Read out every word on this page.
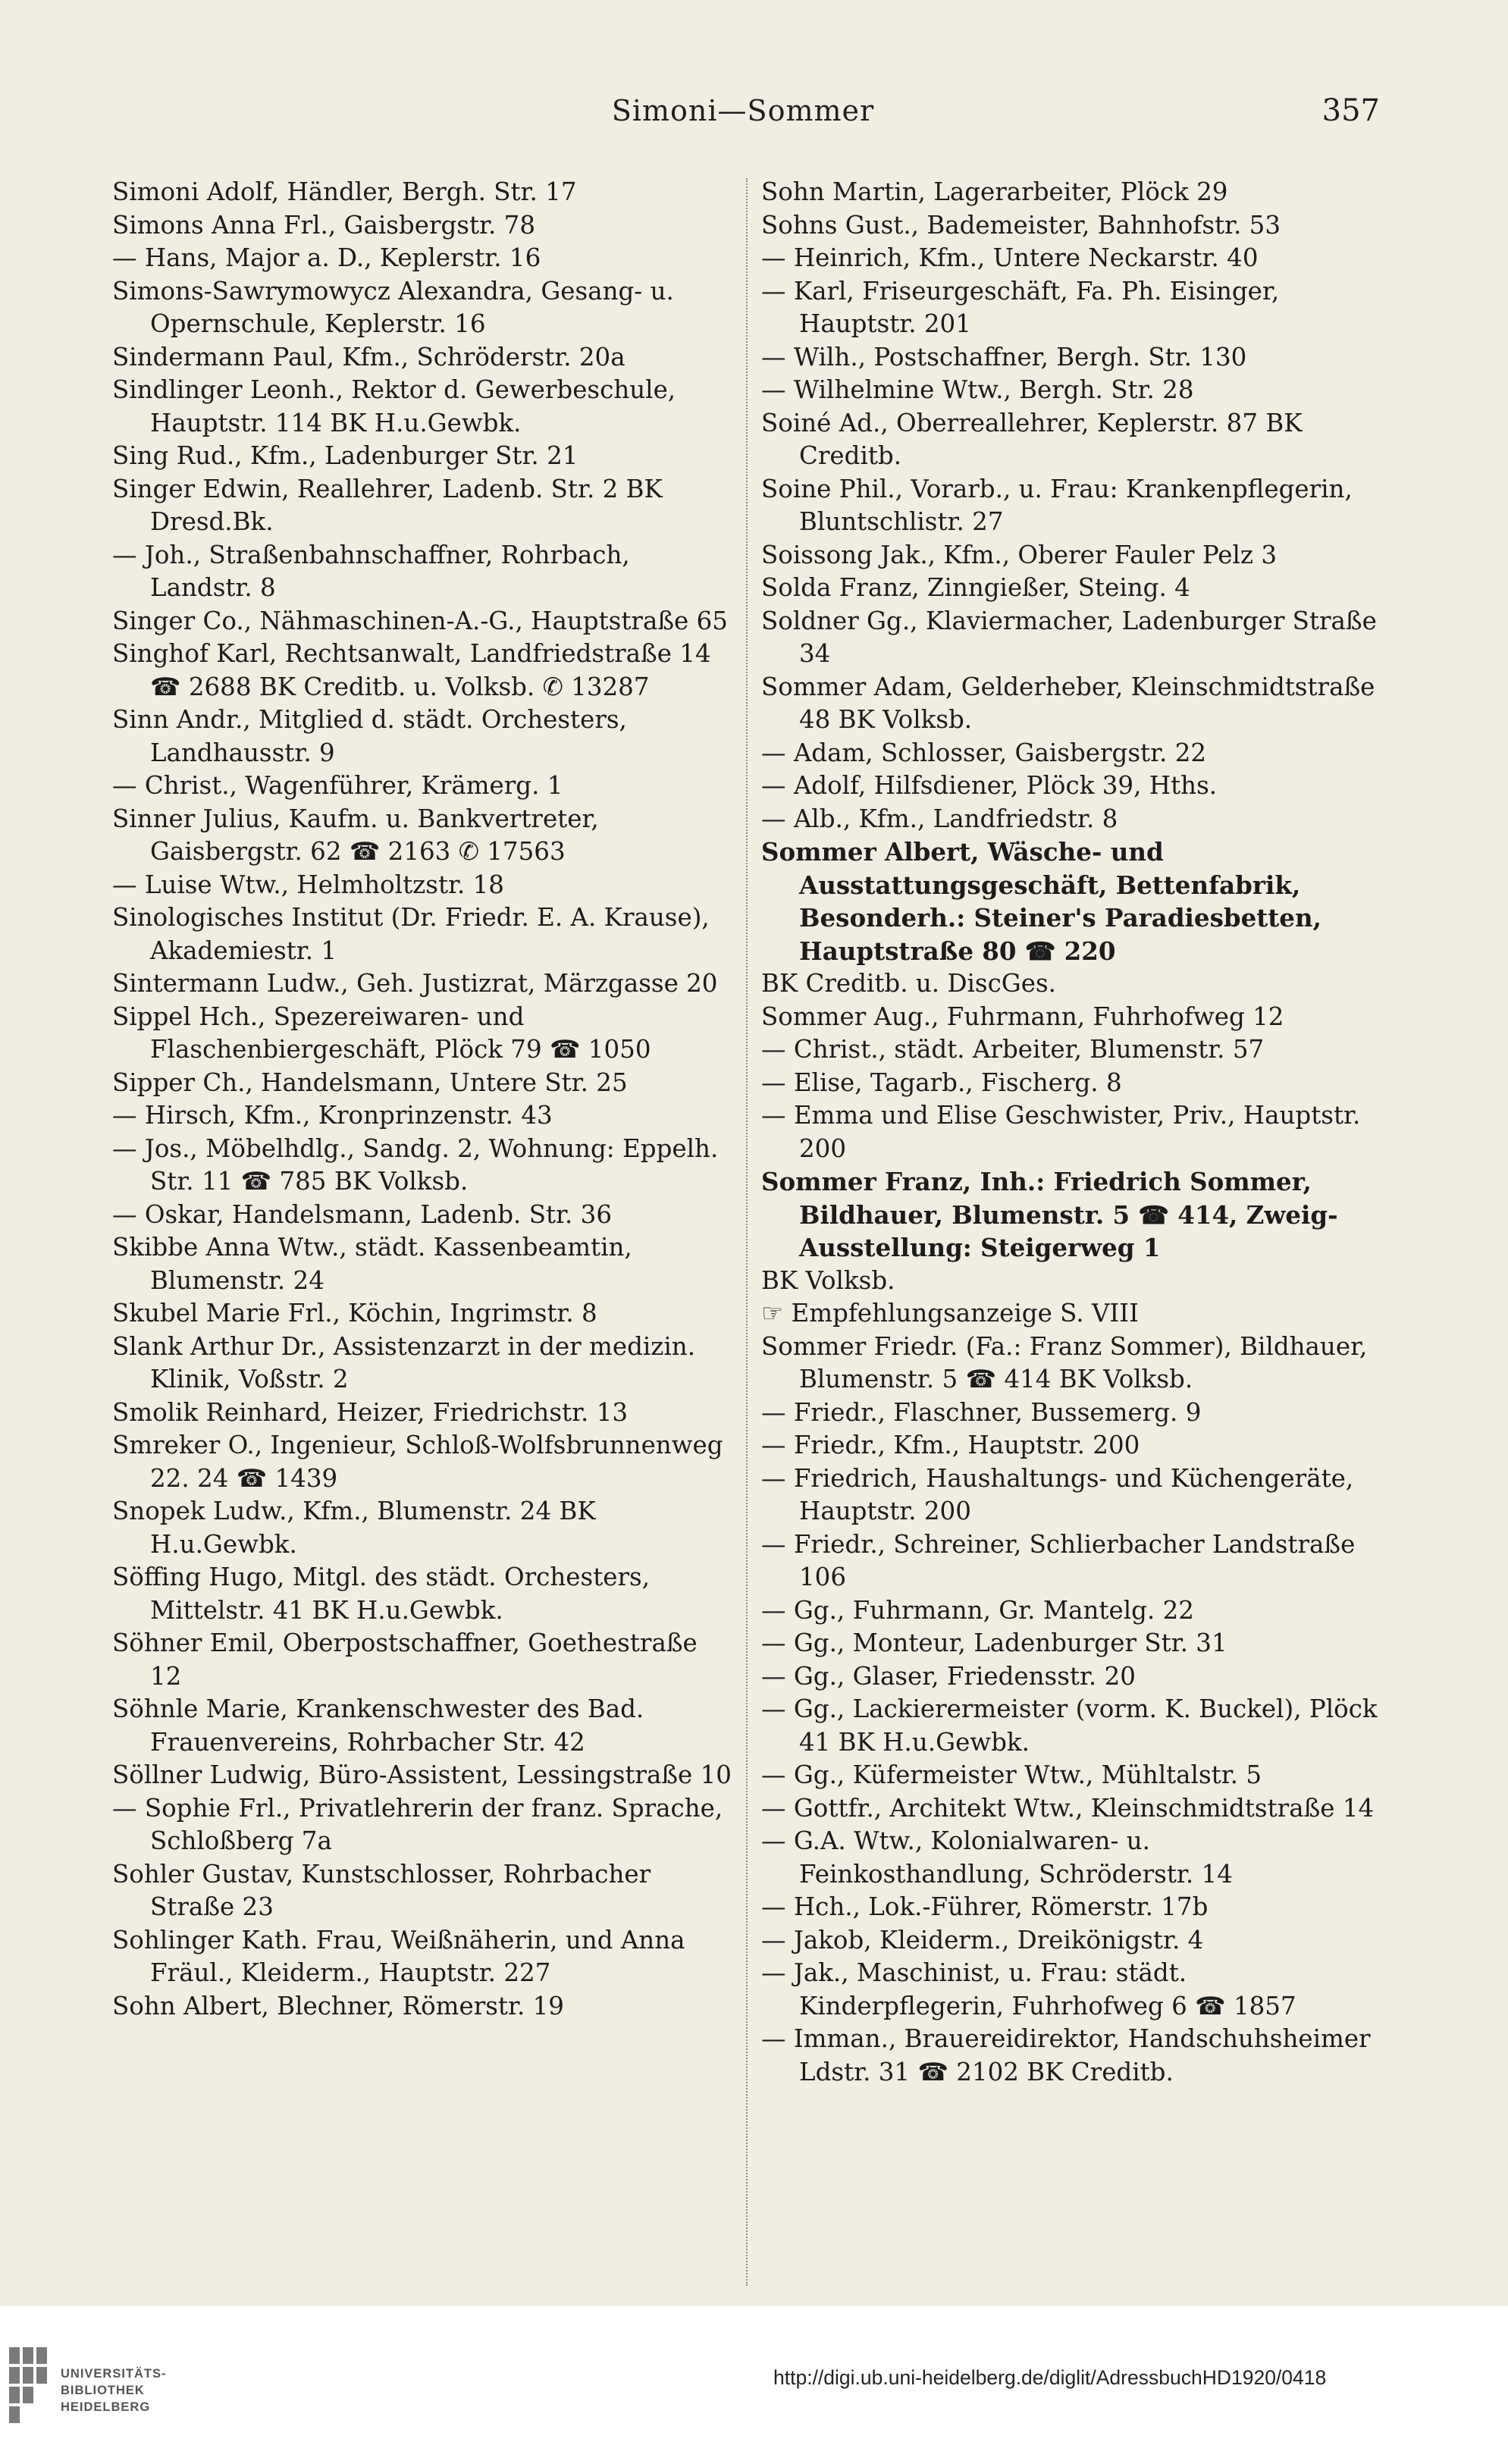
Simoni—Sommer	357
Simoni Adolf, Händler, Bergh. Str. 17
Simons Anna Frl., Gaisbergstr. 78
— Hans, Major a. D., Keplerstr. 16
Simons-Sawrymowycz Alexandra, Gesang- u. Opernschule, Keplerstr. 16
Sindermann Paul, Kfm., Schröderstr. 20a
Sindlinger Leonh., Rektor d. Gewerbeschule, Hauptstr. 114 BK H.u.Gewbk.
Sing Rud., Kfm., Ladenburger Str. 21
Singer Edwin, Reallehrer, Ladenb. Str. 2 BK Dresd.Bk.
— Joh., Straßenbahnschaffner, Rohrbach, Landstr. 8
Singer Co., Nähmaschinen-A.-G., Hauptstraße 65
Singhof Karl, Rechtsanwalt, Landfriedstraße 14 ☎ 2688 BK Creditb. u. Volksb. ✆ 13287
Sinn Andr., Mitglied d. städt. Orchesters, Landhausstr. 9
— Christ., Wagenführer, Krämerg. 1
Sinner Julius, Kaufm. u. Bankvertreter, Gaisbergstr. 62 ☎ 2163 ✆ 17563
— Luise Wtw., Helmholtzstr. 18
Sinologisches Institut (Dr. Friedr. E. A. Krause), Akademiestr. 1
Sintermann Ludw., Geh. Justizrat, Märzgasse 20
Sippel Hch., Spezereiwaren- und Flaschenbiergeschäft, Plöck 79 ☎ 1050
Sipper Ch., Handelsmann, Untere Str. 25
— Hirsch, Kfm., Kronprinzenstr. 43
— Jos., Möbelhdlg., Sandg. 2, Wohnung: Eppelh. Str. 11 ☎ 785 BK Volksb.
— Oskar, Handelsmann, Ladenb. Str. 36
Skibbe Anna Wtw., städt. Kassenbeamtin, Blumenstr. 24
Skubel Marie Frl., Köchin, Ingrimstr. 8
Slank Arthur Dr., Assistenzarzt in der medizin. Klinik, Voßstr. 2
Smolik Reinhard, Heizer, Friedrichstr. 13
Smreker O., Ingenieur, Schloß-Wolfsbrunnenweg 22. 24 ☎ 1439
Snopek Ludw., Kfm., Blumenstr. 24 BK H.u.Gewbk.
Söffing Hugo, Mitgl. des städt. Orchesters, Mittelstr. 41 BK H.u.Gewbk.
Söhner Emil, Oberpostschaffner, Goethestraße 12
Söhnle Marie, Krankenschwester des Bad. Frauenvereins, Rohrbacher Str. 42
Söllner Ludwig, Büro-Assistent, Lessingstraße 10
— Sophie Frl., Privatlehrerin der franz. Sprache, Schloßberg 7a
Sohler Gustav, Kunstschlosser, Rohrbacher Straße 23
Sohlinger Kath. Frau, Weißnäherin, und Anna Fräul., Kleiderm., Hauptstr. 227
Sohn Albert, Blechner, Römerstr. 19
Sohn Martin, Lagerarbeiter, Plöck 29
Sohns Gust., Bademeister, Bahnhofstr. 53
— Heinrich, Kfm., Untere Neckarstr. 40
— Karl, Friseurgeschäft, Fa. Ph. Eisinger, Hauptstr. 201
— Wilh., Postschaffner, Bergh. Str. 130
— Wilhelmine Wtw., Bergh. Str. 28
Soiné Ad., Oberreallehrer, Keplerstr. 87 BK Creditb.
Soine Phil., Vorarb., u. Frau: Krankenpflegerin, Bluntschlistr. 27
Soissong Jak., Kfm., Oberer Fauler Pelz 3
Solda Franz, Zinngießer, Steing. 4
Soldner Gg., Klaviermacher, Ladenburger Straße 34
Sommer Adam, Gelderheber, Kleinschmidtstraße 48 BK Volksb.
— Adam, Schlosser, Gaisbergstr. 22
— Adolf, Hilfsdiener, Plöck 39, Hths.
— Alb., Kfm., Landfriedstr. 8
Sommer Albert, Wäsche- und Ausstattungsgeschäft, Bettenfabrik, Besonderh.: Steiner's Paradiesbetten, Hauptstraße 80 ☎ 220
BK Creditb. u. DiscGes.
Sommer Aug., Fuhrmann, Fuhrhofweg 12
— Christ., städt. Arbeiter, Blumenstr. 57
— Elise, Tagarb., Fischerg. 8
— Emma und Elise Geschwister, Priv., Hauptstr. 200
Sommer Franz, Inh.: Friedrich Sommer, Bildhauer, Blumenstr. 5 ☎ 414, Zweig-Ausstellung: Steigerweg 1
BK Volksb.
☞ Empfehlungsanzeige S. VIII
Sommer Friedr. (Fa.: Franz Sommer), Bildhauer, Blumenstr. 5 ☎ 414 BK Volksb.
— Friedr., Flaschner, Bussemerg. 9
— Friedr., Kfm., Hauptstr. 200
— Friedrich, Haushaltungs- und Küchengeräte, Hauptstr. 200
— Friedr., Schreiner, Schlierbacher Landstraße 106
— Gg., Fuhrmann, Gr. Mantelg. 22
— Gg., Monteur, Ladenburger Str. 31
— Gg., Glaser, Friedensstr. 20
— Gg., Lackierermeister (vorm. K. Buckel), Plöck 41 BK H.u.Gewbk.
— Gg., Küfermeister Wtw., Mühltalstr. 5
— Gottfr., Architekt Wtw., Kleinschmidtstraße 14
— G.A. Wtw., Kolonialwaren- u. Feinkosthandlung, Schröderstr. 14
— Hch., Lok.-Führer, Römerstr. 17b
— Jakob, Kleiderm., Dreikönigstr. 4
— Jak., Maschinist, u. Frau: städt. Kinderpflegerin, Fuhrhofweg 6 ☎ 1857
— Imman., Brauereidirektor, Handschuhsheimer Ldstr. 31 ☎ 2102 BK Creditb.
UNIVERSITÄTS-
BIBLIOTHEK
HEIDELBERG
http://digi.ub.uni-heidelberg.de/diglit/AdressbuchHD1920/0418
